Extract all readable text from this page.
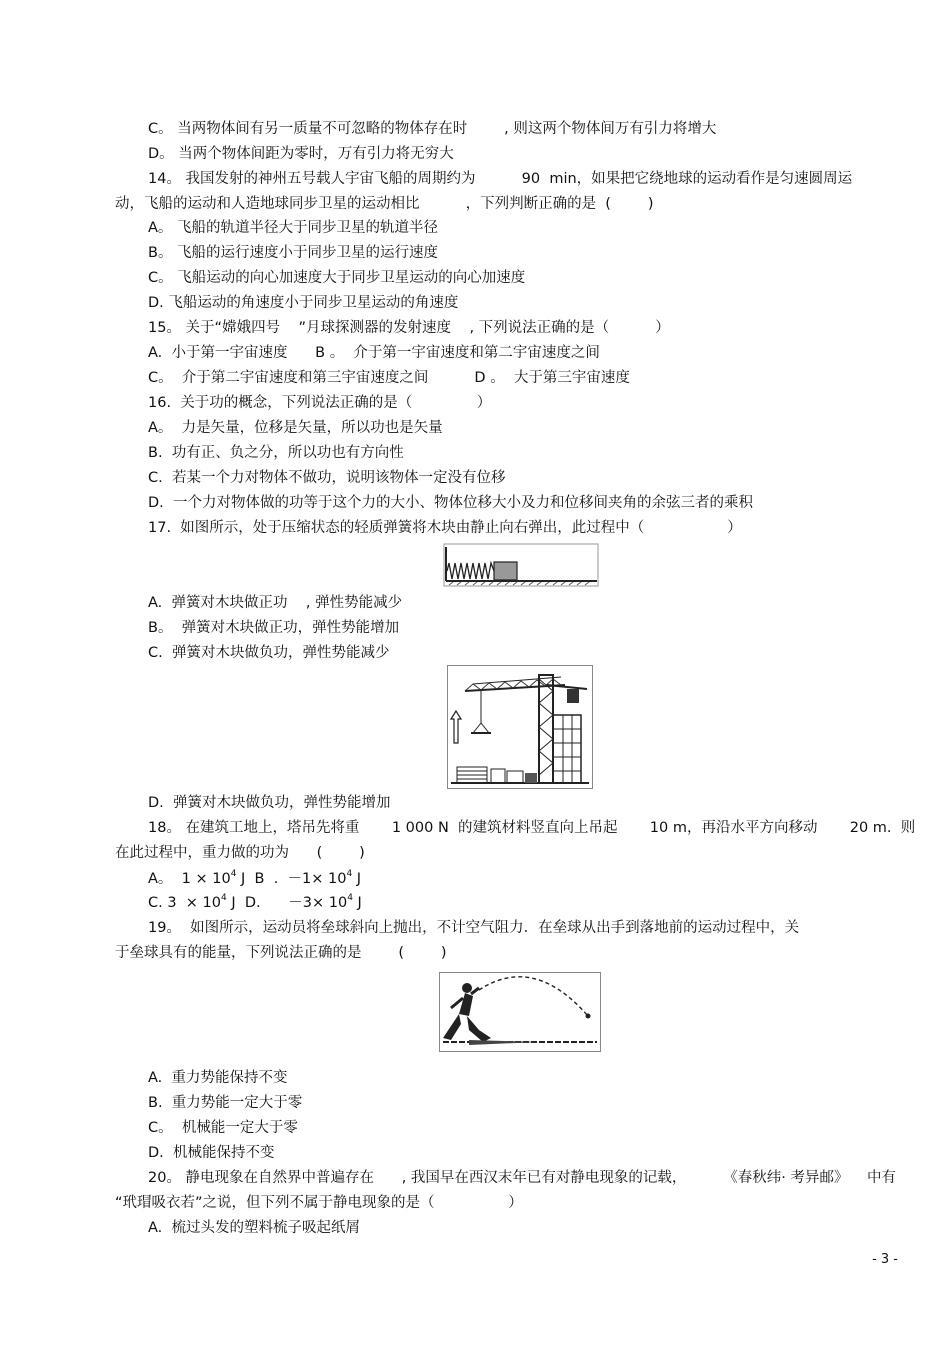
C。 当两物体间有另一质量不可忽略的物体存在时        , 则这两个物体间万有引力将增大
D。 当两个物体间距为零时，万有引力将无穷大
14。 我国发射的神州五号载人宇宙飞船的周期约为          90  min，如果把它绕地球的运动看作是匀速圆周运
动，飞船的运动和人造地球同步卫星的运动相比          ，下列判断正确的是  (        )
A。 飞船的轨道半径大于同步卫星的轨道半径
B。 飞船的运行速度小于同步卫星的运行速度
C。 飞船运动的向心加速度大于同步卫星运动的向心加速度
D. 飞船运动的角速度小于同步卫星运动的角速度
15。 关于“嫦娥四号    ”月球探测器的发射速度    , 下列说法正确的是（          ）
A.  小于第一宇宙速度      B 。  介于第一宇宙速度和第二宇宙速度之间
C。  介于第二宇宙速度和第三宇宙速度之间          D 。  大于第三宇宙速度
16.  关于功的概念，下列说法正确的是（              ）
A。  力是矢量，位移是矢量，所以功也是矢量
B.  功有正、负之分，所以功也有方向性
C.  若某一个力对物体不做功，说明该物体一定没有位移
D.  一个力对物体做的功等于这个力的大小、物体位移大小及力和位移间夹角的余弦三者的乘积
17.  如图所示，处于压缩状态的轻质弹簧将木块由静止向右弹出，此过程中（                  ）
A.  弹簧对木块做正功    , 弹性势能减少
B。  弹簧对木块做正功，弹性势能增加
C.  弹簧对木块做负功，弹性势能减少
D.  弹簧对木块做负功，弹性势能增加
18。 在建筑工地上，塔吊先将重       1 000 N  的建筑材料竖直向上吊起       10 m，再沿水平方向移动       20 m.  则
在此过程中，重力做的功为      (        )
A。  $1 \times 10^4$ J  B  .  $-1\times 10^4$ J
C. $3 \times 10^4$ J  D.      $-3\times 10^4$ J
19。  如图所示，运动员将垒球斜向上抛出，不计空气阻力．在垒球从出手到落地前的运动过程中，关
于垒球具有的能量，下列说法正确的是        (        )
A.  重力势能保持不变
B.  重力势能一定大于零
C。  机械能一定大于零
D.  机械能保持不变
20。 静电现象在自然界中普遍存在      , 我国早在西汉末年已有对静电现象的记载，        《春秋纬· 考异邮》    中有
“玳瑁吸衣若”之说，但下列不属于静电现象的是（                ）
A.  梳过头发的塑料梳子吸起纸屑
- 3 -
